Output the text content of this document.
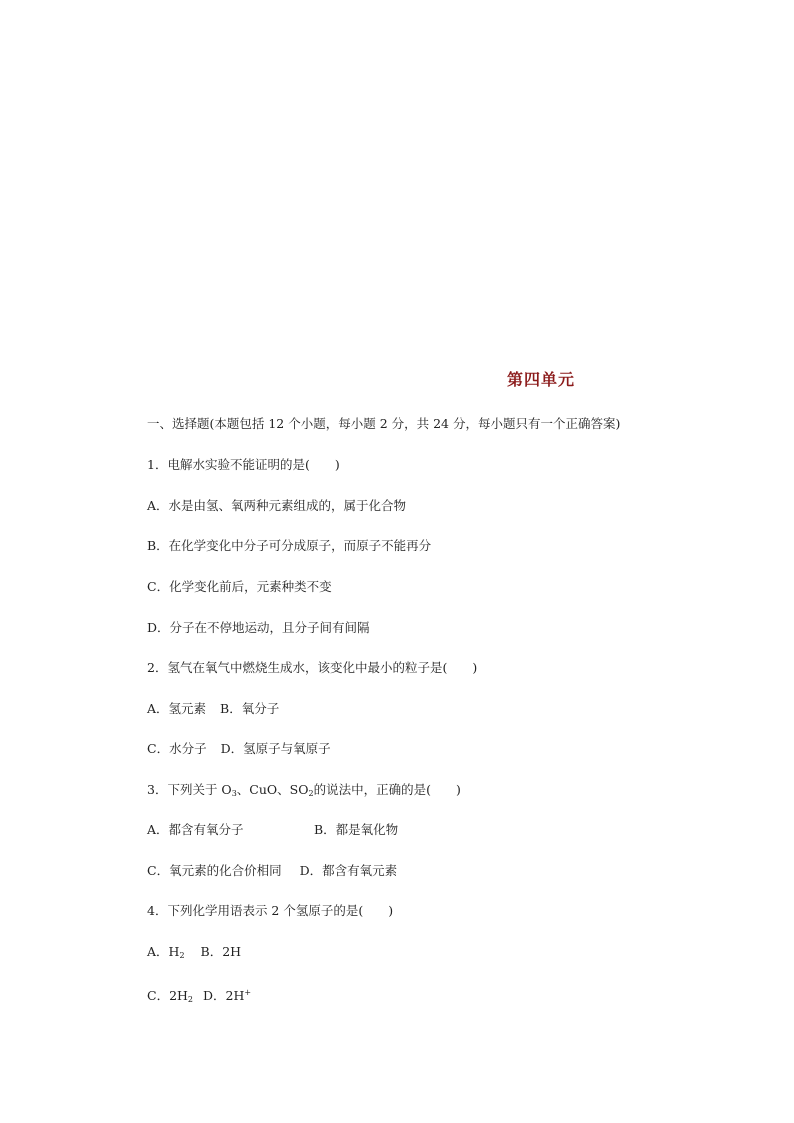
第四单元
一、选择题(本题包括 12 个小题，每小题 2 分，共 24 分，每小题只有一个正确答案)
1．电解水实验不能证明的是(　　)
A．水是由氢、氧两种元素组成的，属于化合物
B．在化学变化中分子可分成原子，而原子不能再分
C．化学变化前后，元素种类不变
D．分子在不停地运动，且分子间有间隔
2．氢气在氧气中燃烧生成水，该变化中最小的粒子是(　　)
A．氢元素 B．氧分子
C．水分子 D．氢原子与氧原子
3．下列关于 $O_3$、CuO、$SO_2$的说法中，正确的是(　　)
A．都含有氧分子	B．都是氧化物
C．氧元素的化合价相同 D．都含有氧元素
4．下列化学用语表示 2 个氢原子的是(　　)
A．$H_2$ B．2H
C．$2H_2$ D．2H+
